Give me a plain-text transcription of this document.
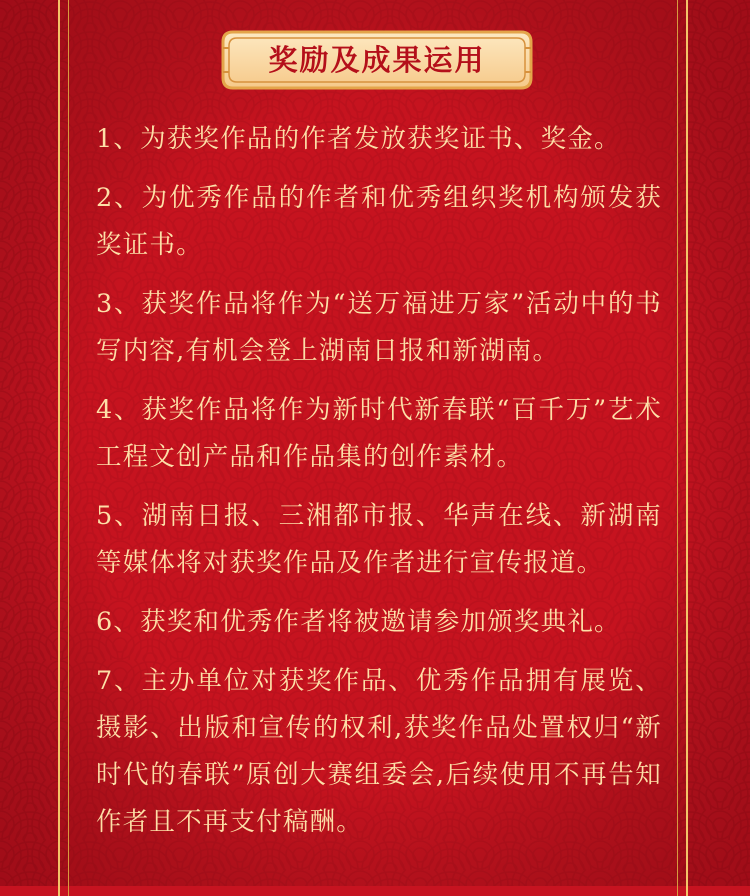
奖励及成果运用

1、为获奖作品的作者发放获奖证书、奖金。

2、为优秀作品的作者和优秀组织奖机构颁发获奖证书。

3、获奖作品将作为“送万福进万家”活动中的书写内容,有机会登上湖南日报和新湖南。

4、获奖作品将作为新时代新春联“百千万”艺术工程文创产品和作品集的创作素材。

5、湖南日报、三湘都市报、华声在线、新湖南等媒体将对获奖作品及作者进行宣传报道。

6、获奖和优秀作者将被邀请参加颁奖典礼。

7、主办单位对获奖作品、优秀作品拥有展览、摄影、出版和宣传的权利,获奖作品处置权归“新时代的春联”原创大赛组委会,后续使用不再告知作者且不再支付稿酬。
